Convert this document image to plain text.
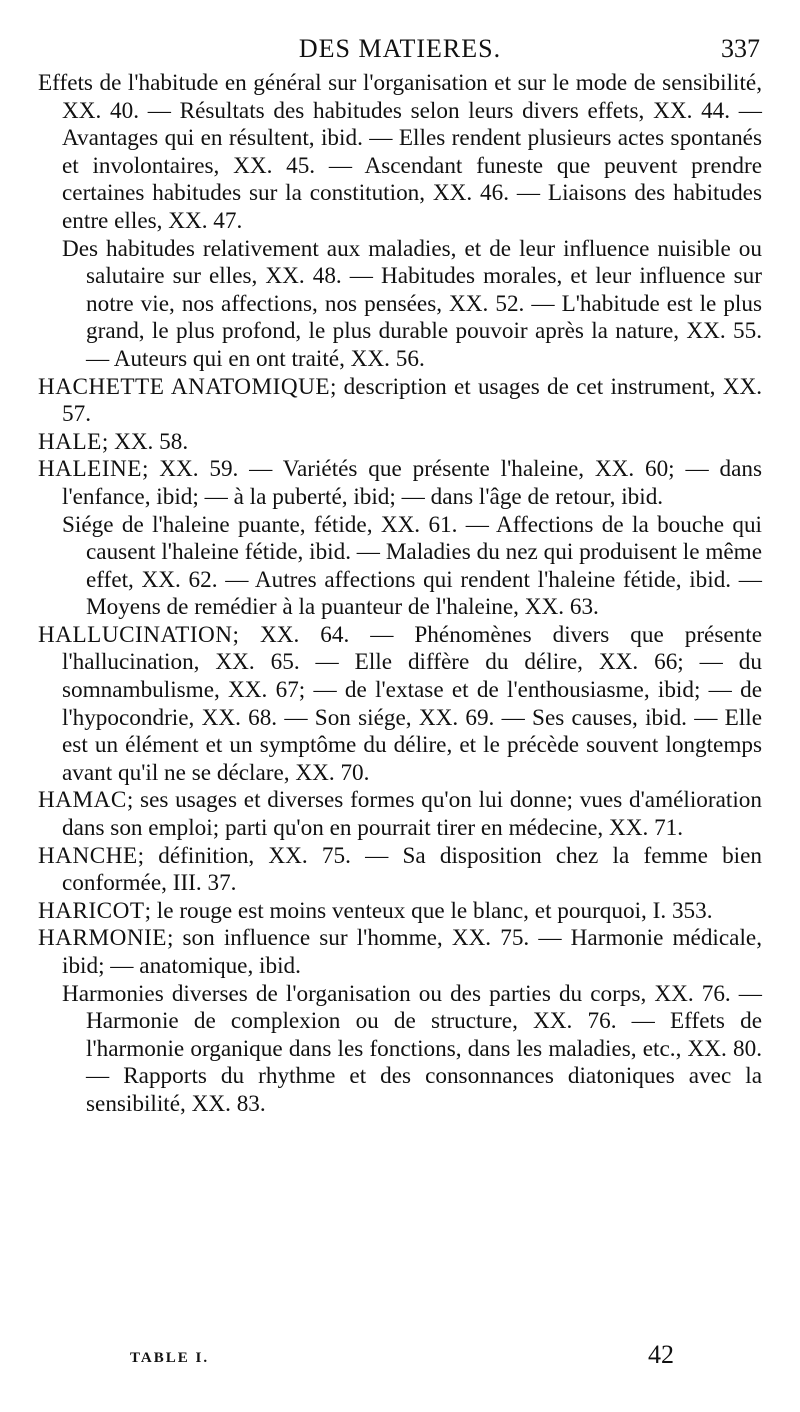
DES MATIERES.	337

Effets de l'habitude en général sur l'organisation et sur le mode de sensibilité, XX. 40. — Résultats des habitudes selon leurs divers effets, XX. 44. — Avantages qui en résultent, ibid. — Elles rendent plusieurs actes spontanés et involontaires, XX. 45. — Ascendant funeste que peuvent prendre certaines habitudes sur la constitution, XX. 46. — Liaisons des habitudes entre elles, XX. 47.

Des habitudes relativement aux maladies, et de leur influence nuisible ou salutaire sur elles, XX. 48. — Habitudes morales, et leur influence sur notre vie, nos affections, nos pensées, XX. 52. — L'habitude est le plus grand, le plus profond, le plus durable pouvoir après la nature, XX. 55. — Auteurs qui en ont traité, XX. 56.

HACHETTE ANATOMIQUE; description et usages de cet instrument, XX. 57.

HALE; XX. 58.

HALEINE; XX. 59. — Variétés que présente l'haleine, XX. 60; — dans l'enfance, ibid; — à la puberté, ibid; — dans l'âge de retour, ibid.

Siége de l'haleine puante, fétide, XX. 61. — Affections de la bouche qui causent l'haleine fétide, ibid. — Maladies du nez qui produisent le même effet, XX. 62. — Autres affections qui rendent l'haleine fétide, ibid. — Moyens de remédier à la puanteur de l'haleine, XX. 63.

HALLUCINATION; XX. 64. — Phénomènes divers que présente l'hallucination, XX. 65. — Elle diffère du délire, XX. 66; — du somnambulisme, XX. 67; — de l'extase et de l'enthousiasme, ibid; — de l'hypocondrie, XX. 68. — Son siége, XX. 69. — Ses causes, ibid. — Elle est un élément et un symptôme du délire, et le précède souvent longtemps avant qu'il ne se déclare, XX. 70.

HAMAC; ses usages et diverses formes qu'on lui donne; vues d'amélioration dans son emploi; parti qu'on en pourrait tirer en médecine, XX. 71.

HANCHE; définition, XX. 75. — Sa disposition chez la femme bien conformée, III. 37.

HARICOT; le rouge est moins venteux que le blanc, et pourquoi, I. 353.

HARMONIE; son influence sur l'homme, XX. 75. — Harmonie médicale, ibid; — anatomique, ibid.

Harmonies diverses de l'organisation ou des parties du corps, XX. 76. — Harmonie de complexion ou de structure, XX. 76. — Effets de l'harmonie organique dans les fonctions, dans les maladies, etc., XX. 80. — Rapports du rhythme et des consonnances diatoniques avec la sensibilité, XX. 83.

TABLE I.	42
